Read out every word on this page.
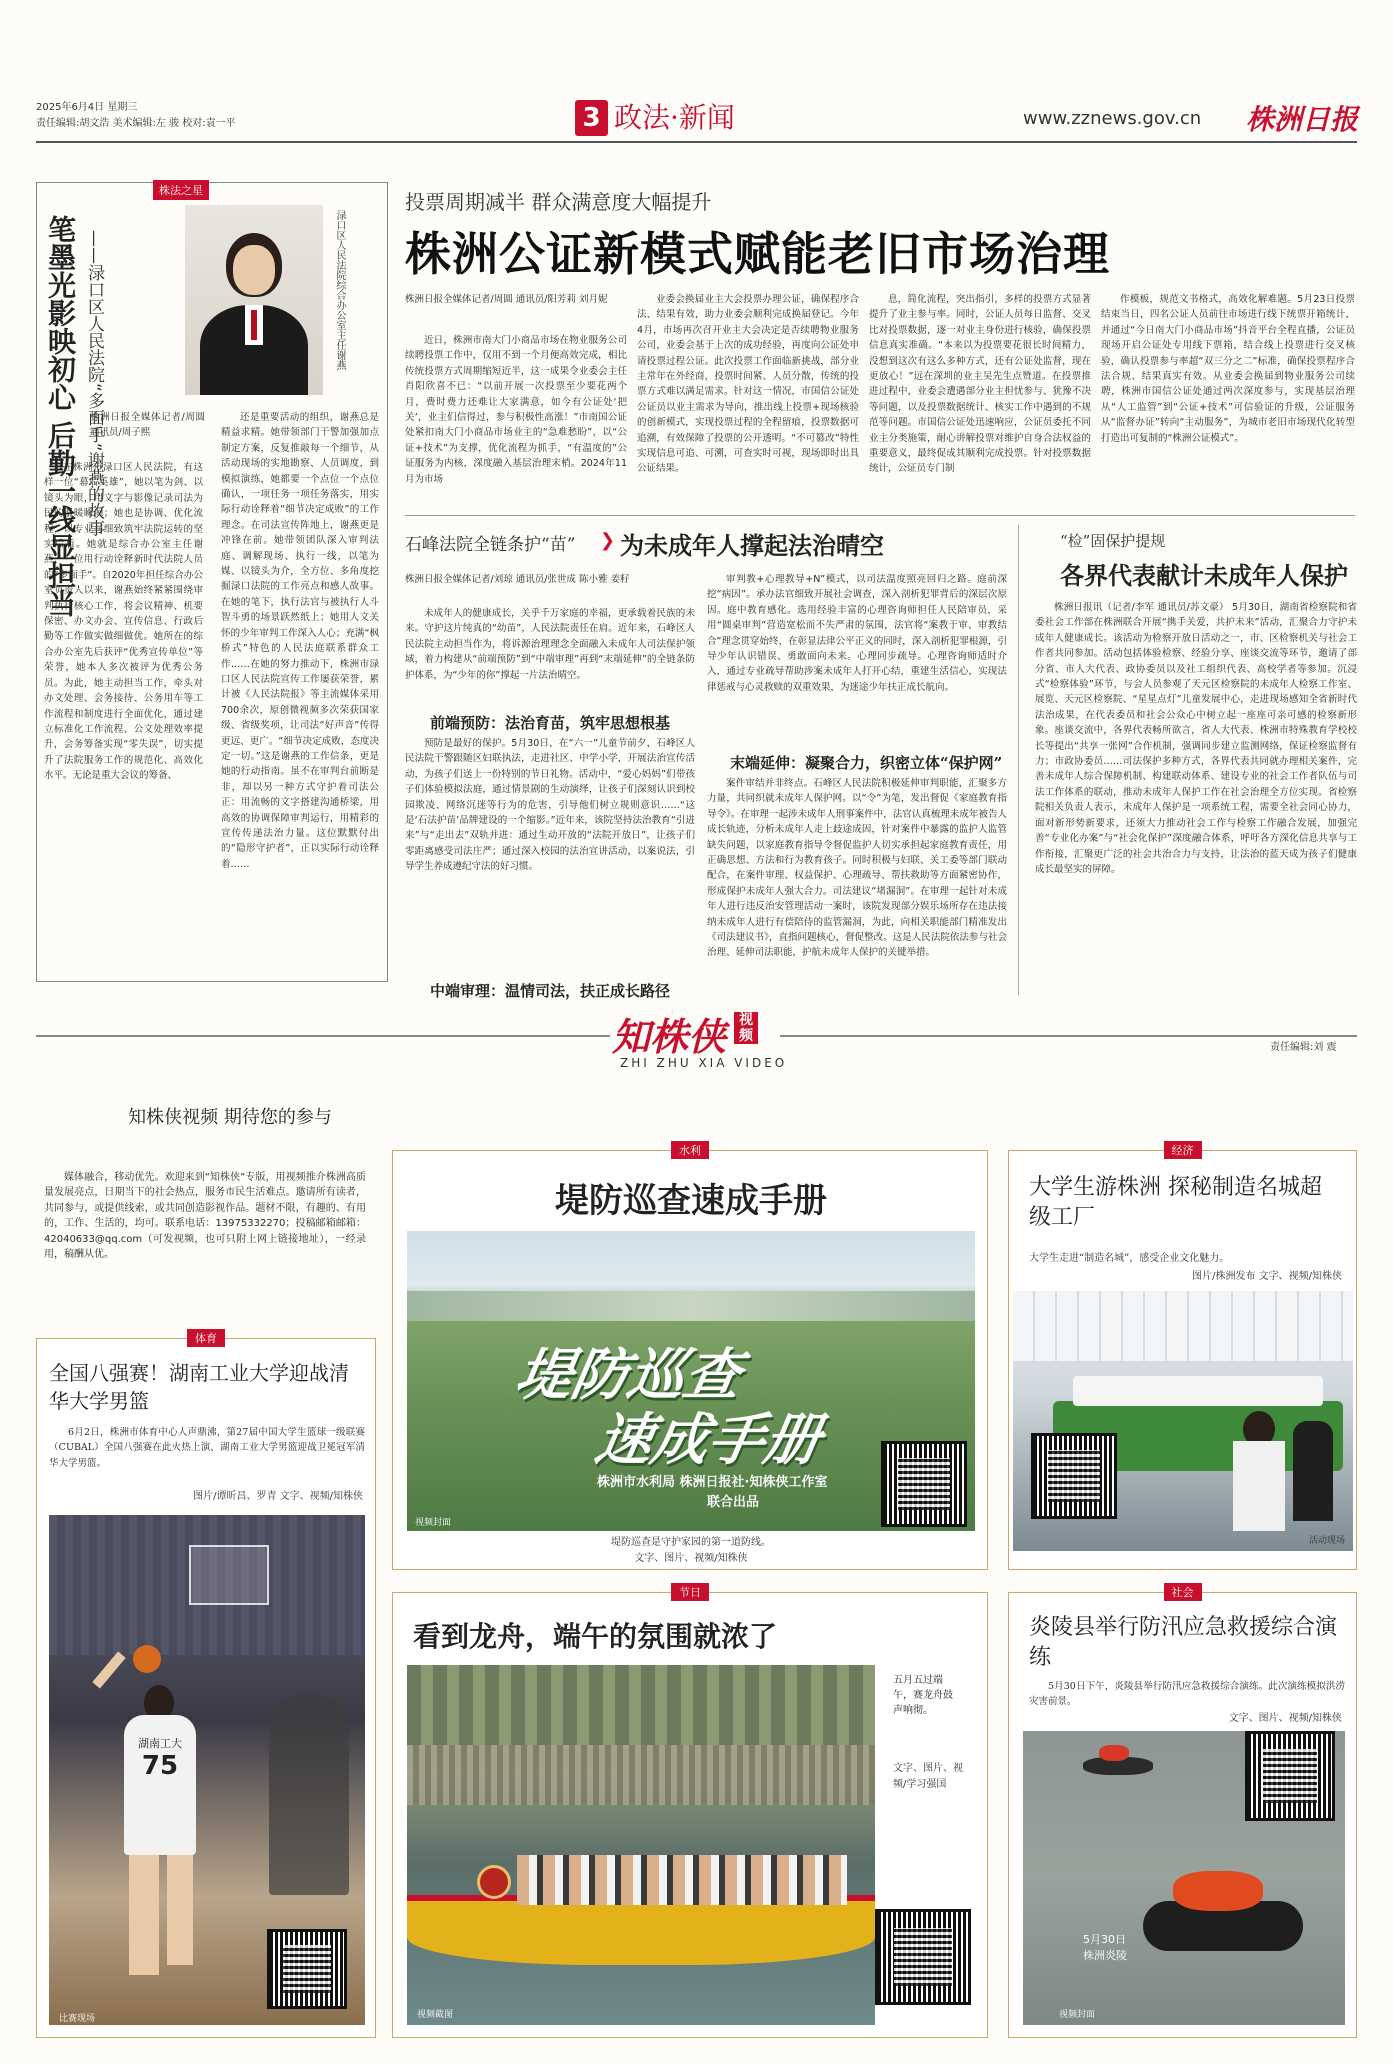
2025年6月4日 星期三
责任编辑:胡文浩 美术编辑:左 骏 校对:袁一平	3 政法·新闻	www.zznews.gov.cn 株洲日报
株法之星
笔墨光影映初心 后勤一线显担当 ——渌口区人民法院“多面手”谢燕的故事	渌口区人民法院综合办公室主任谢燕
株洲日报全媒体记者/周圆 通讯员/周子熙
在株洲市渌口区人民法院，有这样一位“幕后英雄”，她以笔为剑、以镜头为眼，用文字与影像记录司法为民的温暖瞬间；她也是协调、优化流程，以专业与细致筑牢法院运转的坚实后盾。她就是综合办公室主任谢燕，一位用行动诠释新时代法院人员的“多面手”。自2020年担任综合办公室负责人以来，谢燕始终紧紧围绕审判执行核心工作，将会议精神、机要保密、办文办会、宣传信息、行政后勤等工作做实做细做优。她所在的综合办公室先后获评“优秀宣传单位”等荣誉，她本人多次被评为优秀公务员。为此，她主动担当工作，牵头对办文处理、会务接待、公务用车等工作流程和制度进行全面优化，通过建立标准化工作流程、公文处理效率提升，会务筹备实现“零失误”，切实提升了法院服务工作的规范化、高效化水平。无论是重大会议的筹备、
还是重要活动的组织，谢燕总是精益求精。她带领部门干警加强加点制定方案，反复推敲每一个细节，从活动现场的实地勘察、人员调度，到模拟演练，她都要一个点位一个点位确认，一项任务一项任务落实，用实际行动诠释着“细节决定成败”的工作理念。在司法宣传阵地上，谢燕更是冲锋在前。她带领团队深入审判法庭、调解现场、执行一线，以笔为媒、以镜头为介，全方位、多角度挖掘渌口法院的工作亮点和感人故事。在她的笔下，执行法官与被执行人斗智斗勇的场景跃然纸上；她用人文关怀的少年审判工作深入人心；充满“枫桥式”特色的人民法庭联系群众工作……在她的努力推动下，株洲市渌口区人民法院宣传工作屡获荣誉，累计被《人民法院报》等主流媒体采用700余次，原创微视频多次荣获国家级、省级奖项，让司法“好声音”传得更远、更广。“细节决定成败，态度决定一切。”这是谢燕的工作信条，更是她的行动指南。虽不在审判台前断是非，却以另一种方式守护着司法公正：用流畅的文字搭建沟通桥梁，用高效的协调保障审判运行，用精彩的宣传传递法治力量。这位默默付出的“隐形守护者”，正以实际行动诠释着……
投票周期减半 群众满意度大幅提升
株洲公证新模式赋能老旧市场治理
株洲日报全媒体记者/周圆 通讯员/阳芳莉 刘月妮
近日，株洲市南大门小商品市场在物业服务公司续聘投票工作中，仅用不到一个月便高效完成，相比传统投票方式周期缩短近半，这一成果令业委会主任肖阳欣喜不已：“以前开展一次投票至少要花两个月，费时费力还难让大家满意，如今有公证处‘把关’，业主们信得过，参与积极性高涨！”市南国公证处紧扣南大门小商品市场业主的“急难愁盼”，以“公证+技术”为支撑，优化流程为抓手，“有温度的”公证服务为内核，深度融入基层治理末梢。2024年11月为市场
业委会换届业主大会投票办理公证，确保程序合法、结果有效，助力业委会顺利完成换届登记。今年4月，市场再次召开业主大会决定是否续聘物业服务公司，业委会基于上次的成功经验，再度向公证处申请投票过程公证。此次投票工作面临新挑战，部分业主常年在外经商，投票时间紧、人员分散，传统的投票方式难以满足需求。针对这一情况，市国信公证处公证员以业主需求为导向，推出线上投票+现场核验的创新模式，实现投票过程的全程留痕，投票数据可追溯，有效保障了投票的公开透明。“不可篡改”特性实现信息可追、可溯，可查实时可视，现场即时出具公证结果。
息，简化流程，突出指引，多样的投票方式显著提升了业主参与率。同时，公证人员每日监督、交叉比对投票数据，逐一对业主身份进行核验，确保投票信息真实准确。“本来以为投票要花很长时间精力，没想到这次有这么多种方式，还有公证处监督，现在更放心！”远在深圳的业主吴先生点赞道。在投票推进过程中，业委会遭遇部分业主担忧参与、犹豫不决等问题，以及投票数据统计、核实工作中遇到的不规范等问题。市国信公证处迅速响应，公证员委托不同业主分类施策，耐心讲解投票对维护自身合法权益的重要意义，最终促成其顺利完成投票。针对投票数据统计，公证员专门制
作模板，规范文书格式，高效化解难题。5月23日投票结束当日，四名公证人员前往市场进行线下统票开箱统计，并通过“今日南大门小商品市场”抖音平台全程直播，公证员现场开启公证处专用线下票箱，结合线上投票进行交叉核验，确认投票参与率超“双三分之二”标准，确保投票程序合法合规、结果真实有效。从业委会换届到物业服务公司续聘，株洲市国信公证处通过两次深度参与，实现基层治理从“人工监管”到“公证+技术”可信验证的升级，公证服务从“监督办证”转向“主动服务”，为城市老旧市场现代化转型打造出可复制的“株洲公证模式”。
石峰法院全链条护“苗” ❯ 为未成年人撑起法治晴空
株洲日报全媒体记者/刘琼 通讯员/张世成 陈小雅 姜籽
未成年人的健康成长，关乎千万家庭的幸福，更承载着民族的未来。守护这片纯真的“幼苗”，人民法院责任在肩。近年来，石峰区人民法院主动担当作为，将诉源治理理念全面融入未成年人司法保护领域，着力构建从“前端预防”到“中端审理”再到“末端延伸”的全链条防护体系，为“少年的你”撑起一片法治晴空。
前端预防：法治育苗，筑牢思想根基
预防是最好的保护。5月30日，在“六一”儿童节前夕，石峰区人民法院干警跟随区妇联执法，走进社区、中学小学，开展法治宣传活动，为孩子们送上一份特别的节日礼物。活动中，“爱心妈妈”们带孩子们体验模拟法庭，通过情景剧的生动演绎，让孩子们深刻认识到校园欺凌、网络沉迷等行为的危害，引导他们树立规则意识……“这是‘石法护苗’品牌建设的一个缩影。”近年来，该院坚持法治教育“引进来”与“走出去”双轨并进：通过生动开放的“法院开放日”，让孩子们零距离感受司法庄严；通过深入校园的法治宣讲活动，以案说法，引导学生养成遵纪守法的好习惯。
中端审理：温情司法，扶正成长路径
审判教+心理教导+N”模式，以司法温度照亮回归之路。庭前深挖“病因”。承办法官细致开展社会调查，深入剖析犯罪背后的深层次原因。庭中教育感化。选用经验丰富的心理咨询师担任人民陪审员，采用“圆桌审判”营造宽松而不失严肃的氛围，法官将“案教于审、审教结合”理念贯穿始终，在彰显法律公平正义的同时，深入剖析犯罪根源，引导少年认识错误、勇敢面向未来。心理同步疏导。心理咨询师适时介入，通过专业疏导帮助涉案未成年人打开心结，重建生活信心，实现法律惩戒与心灵救赎的双重效果，为迷途少年扶正成长航向。
末端延伸：凝聚合力，织密立体“保护网”
案件审结并非终点。石峰区人民法院积极延伸审判职能，汇聚多方力量，共同织就未成年人保护网。以“令”为笔，发出督促《家庭教育指导令》。在审理一起涉未成年人刑事案件中，法官认真梳理未成年被告人成长轨迹，分析未成年人走上歧途成因，针对案件中暴露的监护人监管缺失问题，以家庭教育指导令督促监护人切实承担起家庭教育责任，用正确思想、方法和行为教育孩子。同时积极与妇联、关工委等部门联动配合，在案件审理、权益保护、心理疏导、帮扶救助等方面紧密协作，形成保护未成年人强大合力。司法建议“堵漏洞”。在审理一起针对未成年人进行违反治安管理活动一案时，该院发现部分娱乐场所存在违法接纳未成年人进行有偿陪侍的监管漏洞，为此，向相关职能部门精准发出《司法建议书》，直指问题核心，督促整改。这是人民法院依法参与社会治理、延伸司法职能，护航未成年人保护的关键举措。
“检”固保护提规
各界代表献计未成年人保护
株洲日报讯（记者/李军 通讯员/苏文豪） 5月30日，湖南省检察院和省委社会工作部在株洲联合开展“携手关爱，共护未来”活动，汇聚合力守护未成年人健康成长。该活动为检察开放日活动之一，市、区检察机关与社会工作者共同参加。活动包括体验检察、经验分享、座谈交流等环节，邀请了部分省、市人大代表、政协委员以及社工组织代表、高校学者等参加。沉浸式“检察体验”环节，与会人员参观了天元区检察院的未成年人检察工作室、展览、天元区检察院、“星星点灯”儿童发展中心，走进现场感知全省新时代法治成果，在代表委员和社会公众心中树立起一座座可亲可感的检察新形象。座谈交流中，各界代表畅所欲言，省人大代表、株洲市特殊教育学校校长等提出“共享一张网”合作机制，强调同步建立监测网络，保证检察监督有力；市政协委员……司法保护多种方式，各界代表共同就办理相关案件，完善未成年人综合保障机制、构建联动体系、建设专业的社会工作者队伍与司法工作体系的联动，推动未成年人保护工作在社会治理全方位实现。省检察院相关负责人表示，未成年人保护是一项系统工程，需要全社会同心协力，面对新形势新要求，还须大力推动社会工作与检察工作融合发展，加强完善“专业化办案”与“社会化保护”深度融合体系，呼吁各方深化信息共享与工作衔接，汇聚更广泛的社会共治合力与支持，让法治的蓝天成为孩子们健康成长最坚实的屏障。
知株侠 视频
ZHI ZHU XIA VIDEO
责任编辑:刘 震
知株侠视频 期待您的参与
媒体融合，移动优先。欢迎来到“知株侠”专版，用视频推介株洲高质量发展亮点，日期当下的社会热点，服务市民生活难点。邀请所有读者，共同参与，或提供线索，或共同创造影视作品。题材不限，有趣的、有用的，工作、生活的，均可。联系电话：13975332270；投稿邮箱邮箱：42040633@qq.com（可发视频，也可只附上网上链接地址），一经录用，稿酬从优。
体育
全国八强赛！湖南工业大学迎战清华大学男篮
6月2日，株洲市体育中心人声鼎沸，第27届中国大学生篮球一级联赛（CUBAL）全国八强赛在此火热上演，湖南工业大学男篮迎战卫冕冠军清华大学男篮。
图片/谭昕昌、罗青 文字、视频/知株侠
湖南工大
75
比赛现场
水利
堤防巡查速成手册
堤防巡查
速成手册
株洲市水利局 株洲日报社·知株侠工作室
联合出品
视频封面
堤防巡查是守护家园的第一道防线。
文字、图片、视频/知株侠
经济
大学生游株洲 探秘制造名城超级工厂
大学生走进“制造名城”，感受企业文化魅力。
图片/株洲发布 文字、视频/知株侠
活动现场
节日
看到龙舟，端午的氛围就浓了
五月五过端午，赛龙舟鼓声响彻。
文字、图片、视频/学习强国
视频截图
社会
炎陵县举行防汛应急救援综合演练
5月30日下午，炎陵县举行防汛应急救援综合演练。此次演练模拟洪涝灾害前景。
文字、图片、视频/知株侠
5月30日
株洲炎陵
视频封面
